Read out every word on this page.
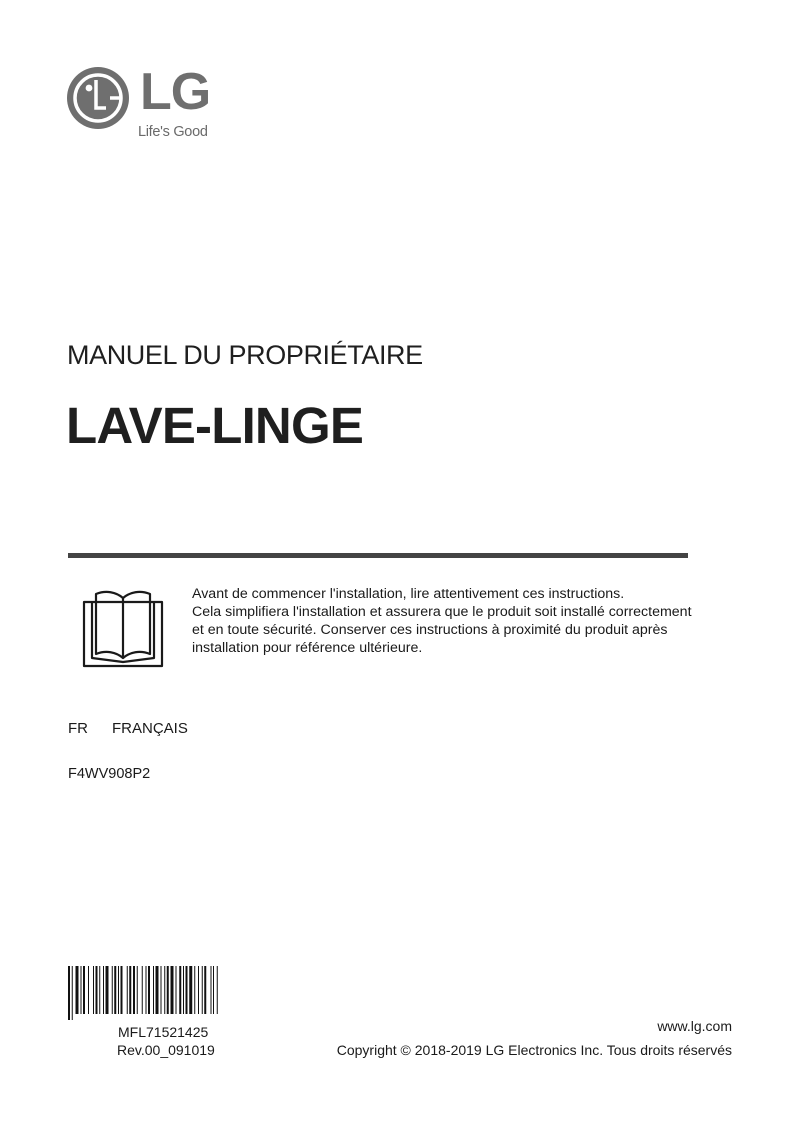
LG
Life's Good
MANUEL DU PROPRIÉTAIRE
LAVE-LINGE
Avant de commencer l'installation, lire attentivement ces instructions.
Cela simplifiera l'installation et assurera que le produit soit installé correctement
et en toute sécurité. Conserver ces instructions à proximité du produit après
installation pour référence ultérieure.
FR FRANÇAIS
F4WV908P2
MFL71521425
Rev.00_091019
www.lg.com
Copyright © 2018-2019 LG Electronics Inc. Tous droits réservés
